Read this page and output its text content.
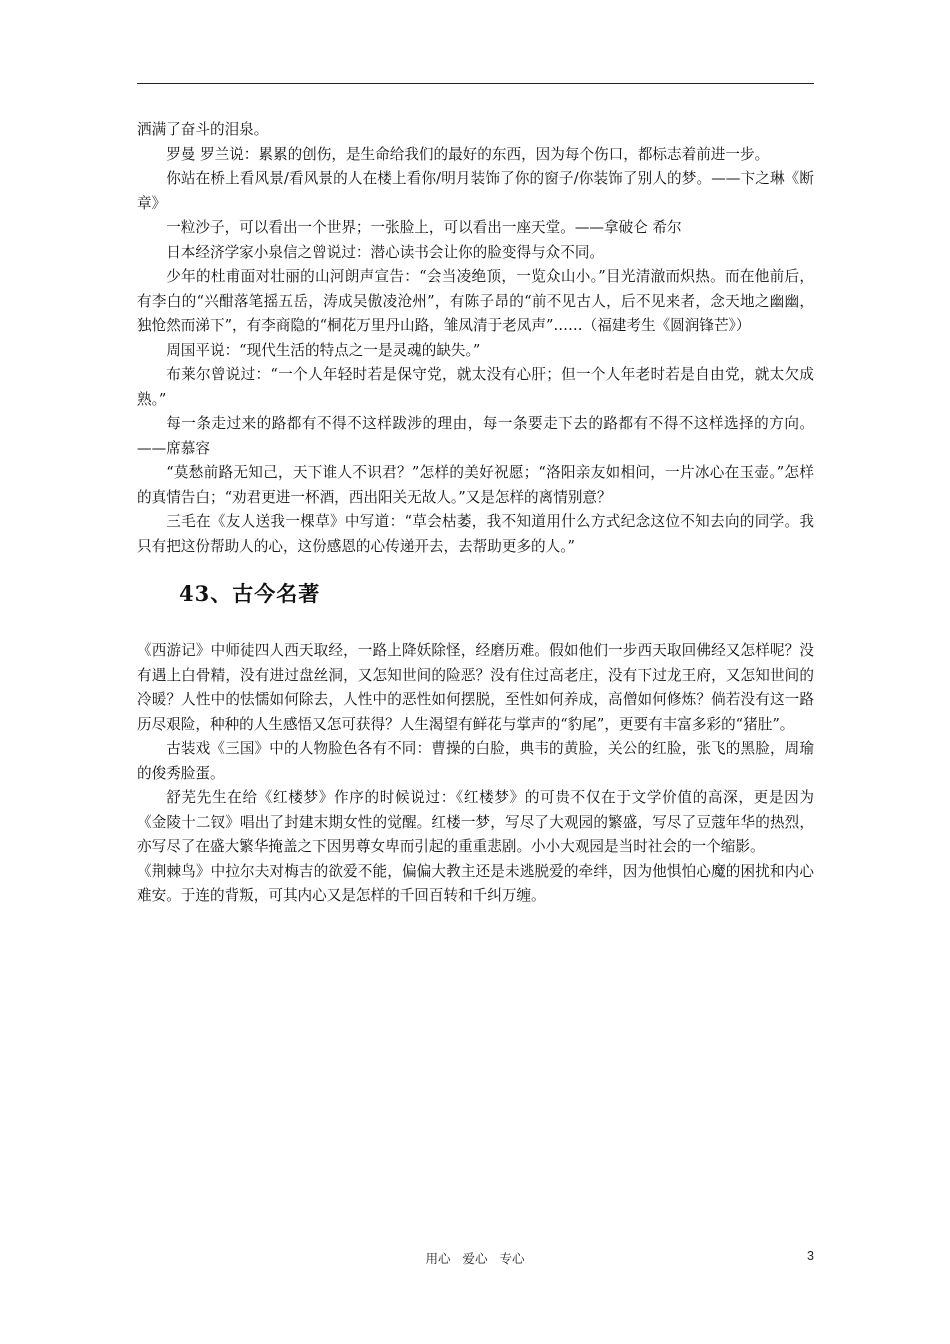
洒满了奋斗的泪泉。

罗曼 罗兰说：累累的创伤，是生命给我们的最好的东西，因为每个伤口，都标志着前进一步。

你站在桥上看风景/看风景的人在楼上看你/明月装饰了你的窗子/你装饰了别人的梦。——卞之琳《断章》

一粒沙子，可以看出一个世界；一张脸上，可以看出一座天堂。——拿破仑 希尔

日本经济学家小泉信之曾说过：潜心读书会让你的脸变得与众不同。

少年的杜甫面对壮丽的山河朗声宣告：“会当凌绝顶，一览众山小。”目光清澈而炽热。而在他前后，有李白的“兴酣落笔摇五岳，涛成吴傲凌沧州”，有陈子昂的“前不见古人，后不见来者，念天地之幽幽，独怆然而涕下”，有李商隐的“桐花万里丹山路，雏凤清于老凤声”……（福建考生《圆润锋芒》）

周国平说：“现代生活的特点之一是灵魂的缺失。”

布莱尔曾说过：“一个人年轻时若是保守党，就太没有心肝；但一个人年老时若是自由党，就太欠成熟。”

每一条走过来的路都有不得不这样跋涉的理由，每一条要走下去的路都有不得不这样选择的方向。——席慕容

“莫愁前路无知己，天下谁人不识君？”怎样的美好祝愿；“洛阳亲友如相问，一片冰心在玉壶。”怎样的真情告白；“劝君更进一杯酒，西出阳关无故人。”又是怎样的离情别意？

三毛在《友人送我一棵草》中写道：“草会枯萎，我不知道用什么方式纪念这位不知去向的同学。我只有把这份帮助人的心，这份感恩的心传递开去，去帮助更多的人。”

43、古今名著

《西游记》中师徒四人西天取经，一路上降妖除怪，经磨历难。假如他们一步西天取回佛经又怎样呢？没有遇上白骨精，没有进过盘丝洞，又怎知世间的险恶？没有住过高老庄，没有下过龙王府，又怎知世间的冷暖？人性中的怯懦如何除去，人性中的恶性如何摆脱，至性如何养成，高僧如何修炼？倘若没有这一路历尽艰险，种种的人生感悟又怎可获得？人生渴望有鲜花与掌声的“豹尾”，更要有丰富多彩的“猪肚”。

古装戏《三国》中的人物脸色各有不同：曹操的白脸，典韦的黄脸，关公的红脸，张飞的黑脸，周瑜的俊秀脸蛋。

舒芜先生在给《红楼梦》作序的时候说过：《红楼梦》的可贵不仅在于文学价值的高深，更是因为《金陵十二钗》唱出了封建末期女性的觉醒。红楼一梦，写尽了大观园的繁盛，写尽了豆蔻年华的热烈，亦写尽了在盛大繁华掩盖之下因男尊女卑而引起的重重悲剧。小小大观园是当时社会的一个缩影。

《荆棘鸟》中拉尔夫对梅吉的欲爱不能，偏偏大教主还是未逃脱爱的牵绊，因为他惧怕心魔的困扰和内心难安。于连的背叛，可其内心又是怎样的千回百转和千纠万缠。

用心 爱心 专心	3
